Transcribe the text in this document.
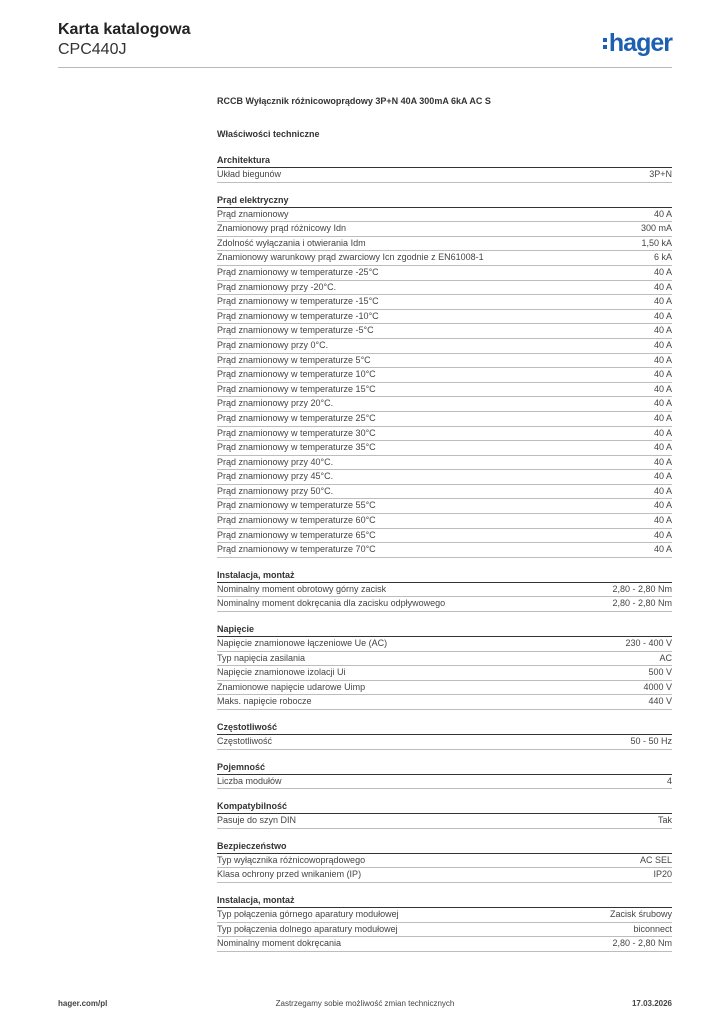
Karta katalogowa
CPC440J	hager
RCCB Wyłącznik różnicowoprądowy 3P+N 40A 300mA 6kA AC S
Właściwości techniczne
Architektura
Układ biegunów	3P+N
Prąd elektryczny
Prąd znamionowy	40 A
Znamionowy prąd różnicowy Idn	300 mA
Zdolność wyłączania i otwierania Idm	1,50 kA
Znamionowy warunkowy prąd zwarciowy Icn zgodnie z EN61008-1	6 kA
Prąd znamionowy w temperaturze -25°C	40 A
Prąd znamionowy przy -20°C.	40 A
Prąd znamionowy w temperaturze -15°C	40 A
Prąd znamionowy w temperaturze -10°C	40 A
Prąd znamionowy w temperaturze -5°C	40 A
Prąd znamionowy przy 0°C.	40 A
Prąd znamionowy w temperaturze 5°C	40 A
Prąd znamionowy w temperaturze 10°C	40 A
Prąd znamionowy w temperaturze 15°C	40 A
Prąd znamionowy przy 20°C.	40 A
Prąd znamionowy w temperaturze 25°C	40 A
Prąd znamionowy w temperaturze 30°C	40 A
Prąd znamionowy w temperaturze 35°C	40 A
Prąd znamionowy przy 40°C.	40 A
Prąd znamionowy przy 45°C.	40 A
Prąd znamionowy przy 50°C.	40 A
Prąd znamionowy w temperaturze 55°C	40 A
Prąd znamionowy w temperaturze 60°C	40 A
Prąd znamionowy w temperaturze 65°C	40 A
Prąd znamionowy w temperaturze 70°C	40 A
Instalacja, montaż
Nominalny moment obrotowy górny zacisk	2,80 - 2,80 Nm
Nominalny moment dokręcania dla zacisku odpływowego	2,80 - 2,80 Nm
Napięcie
Napięcie znamionowe łączeniowe Ue (AC)	230 - 400 V
Typ napięcia zasilania	AC
Napięcie znamionowe izolacji Ui	500 V
Znamionowe napięcie udarowe Uimp	4000 V
Maks. napięcie robocze	440 V
Częstotliwość
Częstotliwość	50 - 50 Hz
Pojemność
Liczba modułów	4
Kompatybilność
Pasuje do szyn DIN	Tak
Bezpieczeństwo
Typ wyłącznika różnicowoprądowego	AC SEL
Klasa ochrony przed wnikaniem (IP)	IP20
Instalacja, montaż
Typ połączenia górnego aparatury modułowej	Zacisk śrubowy
Typ połączenia dolnego aparatury modułowej	biconnect
Nominalny moment dokręcania	2,80 - 2,80 Nm
hager.com/pl	Zastrzegamy sobie możliwość zmian technicznych	17.03.2026
